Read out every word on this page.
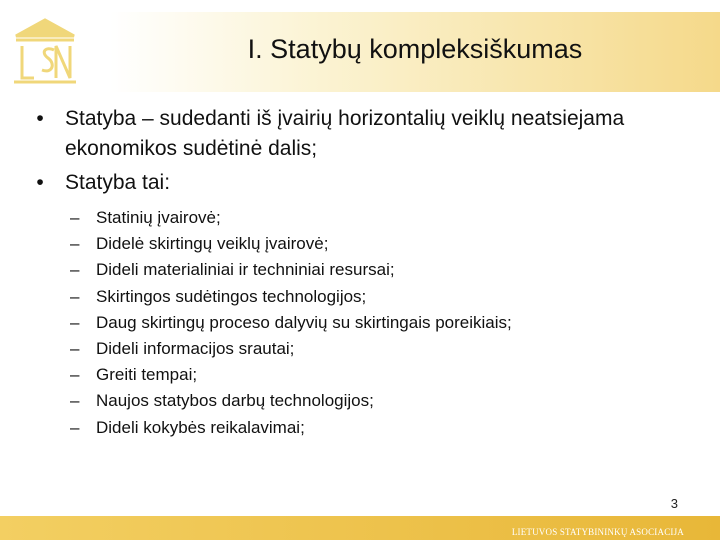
I. Statybų kompleksiškumas
•	Statyba – sudedanti iš įvairių horizontalių veiklų neatsiejama ekonomikos sudėtinė dalis;
•	Statyba tai:
– Statinių įvairovė;
– Didelė skirtingų veiklų įvairovė;
– Dideli materialiniai ir techniniai resursai;
– Skirtingos sudėtingos technologijos;
– Daug skirtingų proceso dalyvių su skirtingais poreikiais;
– Dideli informacijos srautai;
– Greiti tempai;
– Naujos statybos darbų technologijos;
– Dideli kokybės reikalavimai;
3
LIETUVOS STATYBININKŲ ASOCIACIJA
